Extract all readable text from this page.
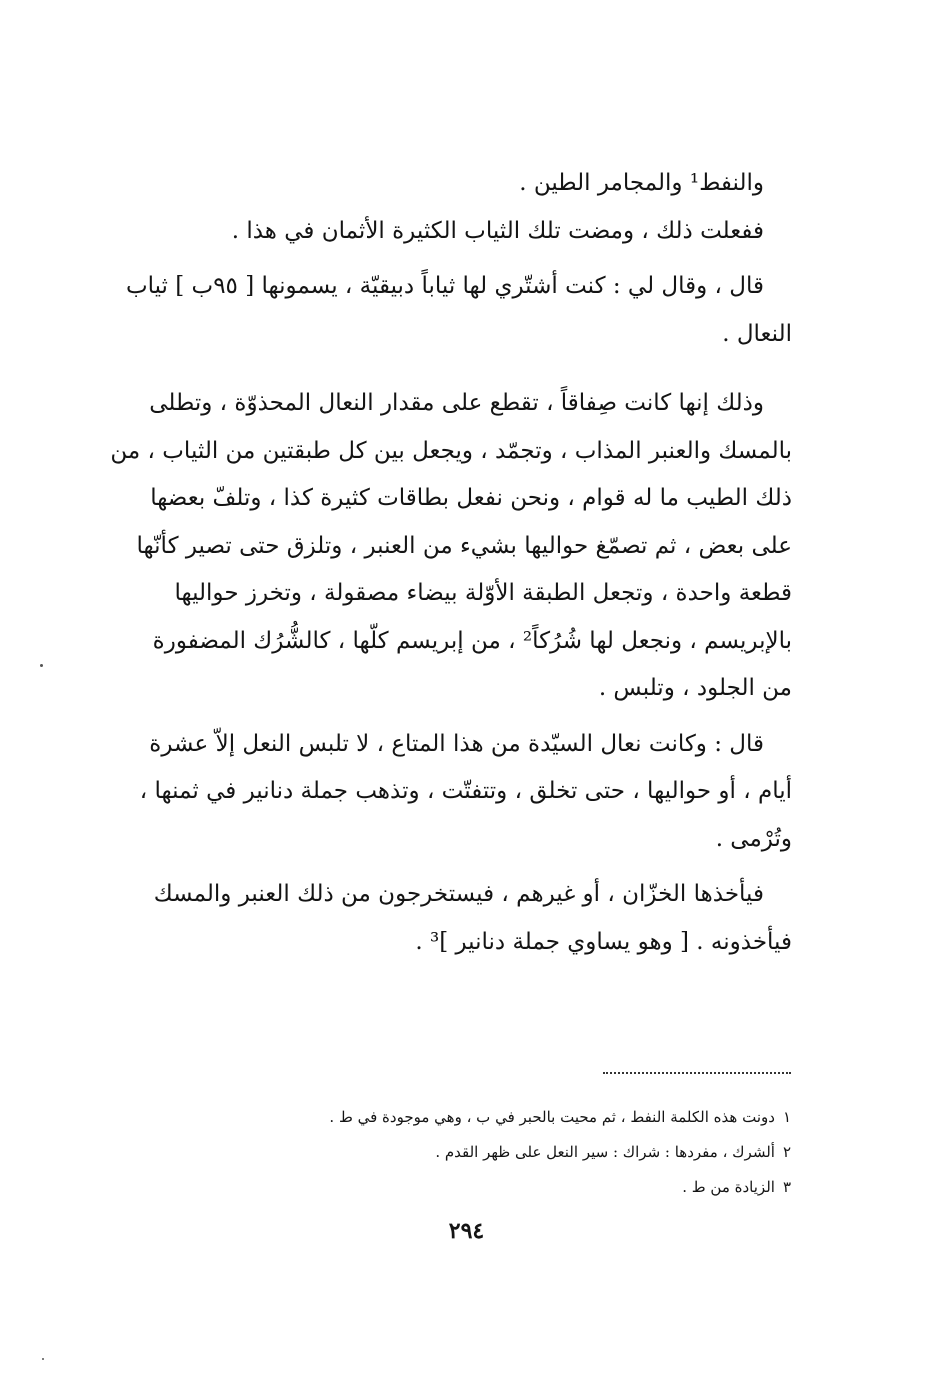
والنفط¹ والمجامر الطين .

ففعلت ذلك ، ومضت تلك الثياب الكثيرة الأثمان في هذا .

قال ، وقال لي : كنت أشتّري لها ثياباً دبيقيّة ، يسمونها [ ٩٥ب ] ثياب
النعال .

وذلك إنها كانت صِفاقاً ، تقطع على مقدار النعال المحذوّة ، وتطلى
بالمسك والعنبر المذاب ، وتجمّد ، ويجعل بين كل طبقتين من الثياب ، من
ذلك الطيب ما له قوام ، ونحن نفعل بطاقات كثيرة كذا ، وتلفّ بعضها
على بعض ، ثم تصمّغ حواليها بشيء من العنبر ، وتلزق حتى تصير كأنّها
قطعة واحدة ، وتجعل الطبقة الأوّلة بيضاء مصقولة ، وتخرز حواليها
بالإبريسم ، ونجعل لها شُرُكاً² ، من إبريسم كلّها ، كالشُّرُك المضفورة
من الجلود ، وتلبس .

قال : وكانت نعال السيّدة من هذا المتاع ، لا تلبس النعل إلاّ عشرة
أيام ، أو حواليها ، حتى تخلق ، وتتفتّت ، وتذهب جملة دنانير في ثمنها ،
وتُرْمى .

فيأخذها الخزّان ، أو غيرهم ، فيستخرجون من ذلك العنبر والمسك
فيأخذونه . [ وهو يساوي جملة دنانير ]³ .

١دونت هذه الكلمة النفط ، ثم محيت بالحبر في ب ، وهي موجودة في ط .
٢ألشرك ، مفردها : شراك : سير النعل على ظهر القدم .
٣الزيادة من ط .
٢٩٤
